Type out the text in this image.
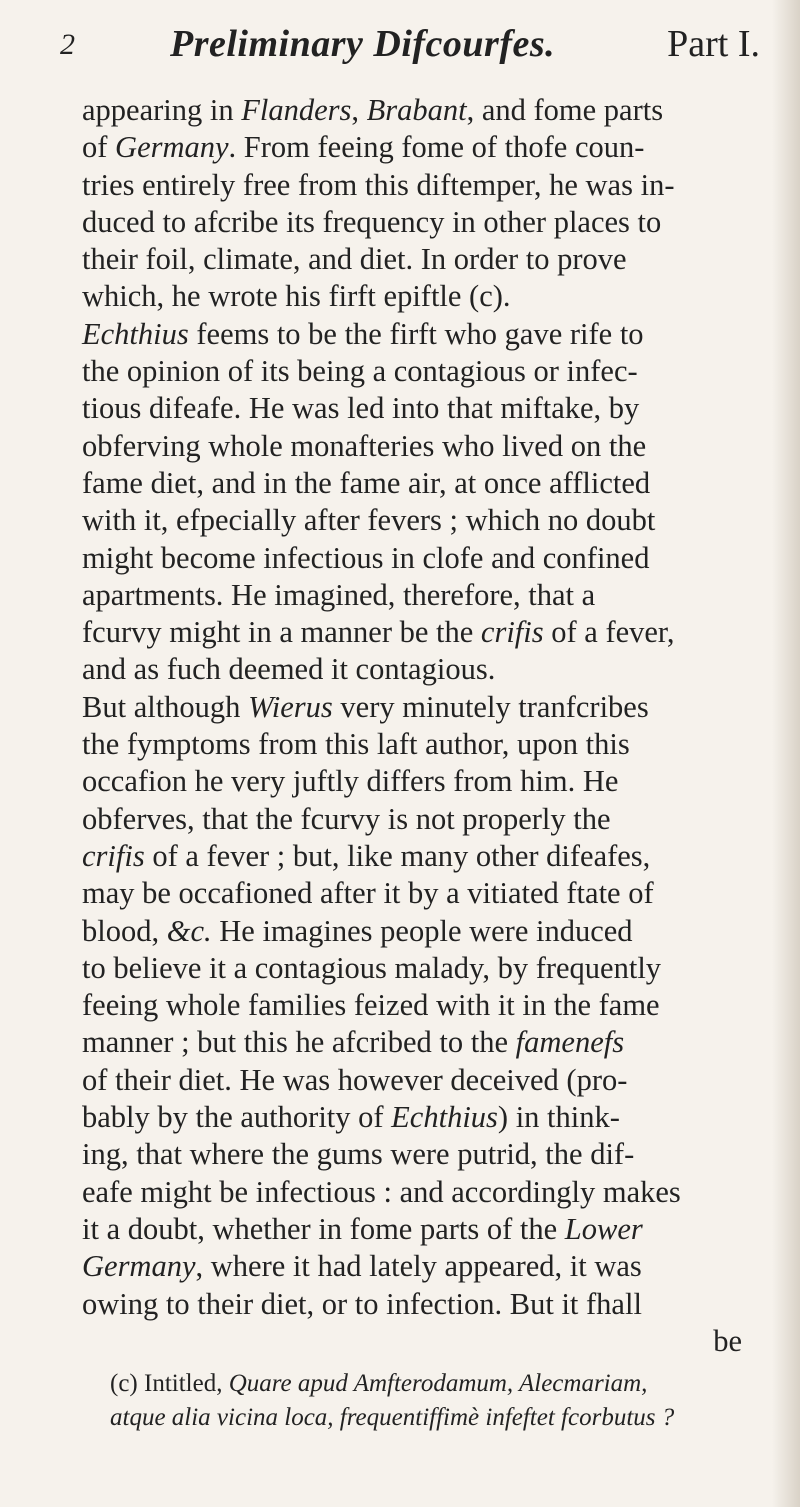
2	Preliminary Difcourfes.	Part I.
appearing in Flanders, Brabant, and fome parts
of Germany. From feeing fome of thofe coun-
tries entirely free from this diftemper, he was in-
duced to afcribe its frequency in other places to
their foil, climate, and diet. In order to prove
which, he wrote his firft epiftle (c).
Echthius feems to be the firft who gave rife to
the opinion of its being a contagious or infec-
tious difeafe. He was led into that miftake, by
obferving whole monafteries who lived on the
fame diet, and in the fame air, at once afflicted
with it, efpecially after fevers ; which no doubt
might become infectious in clofe and confined
apartments. He imagined, therefore, that a
fcurvy might in a manner be the crifis of a fever,
and as fuch deemed it contagious.
But although Wierus very minutely tranfcribes
the fymptoms from this laft author, upon this
occafion he very juftly differs from him. He
obferves, that the fcurvy is not properly the
crifis of a fever ; but, like many other difeafes,
may be occafioned after it by a vitiated ftate of
blood, &c. He imagines people were induced
to believe it a contagious malady, by frequently
feeing whole families feized with it in the fame
manner ; but this he afcribed to the famenefs
of their diet. He was however deceived (pro-
bably by the authority of Echthius) in think-
ing, that where the gums were putrid, the dif-
eafe might be infectious : and accordingly makes
it a doubt, whether in fome parts of the Lower
Germany, where it had lately appeared, it was
owing to their diet, or to infection. But it fhall
be
(c) Intitled, Quare apud Amfterodamum, Alecmariam,
atque alia vicina loca, frequentiffimè infeftet fcorbutus ?
